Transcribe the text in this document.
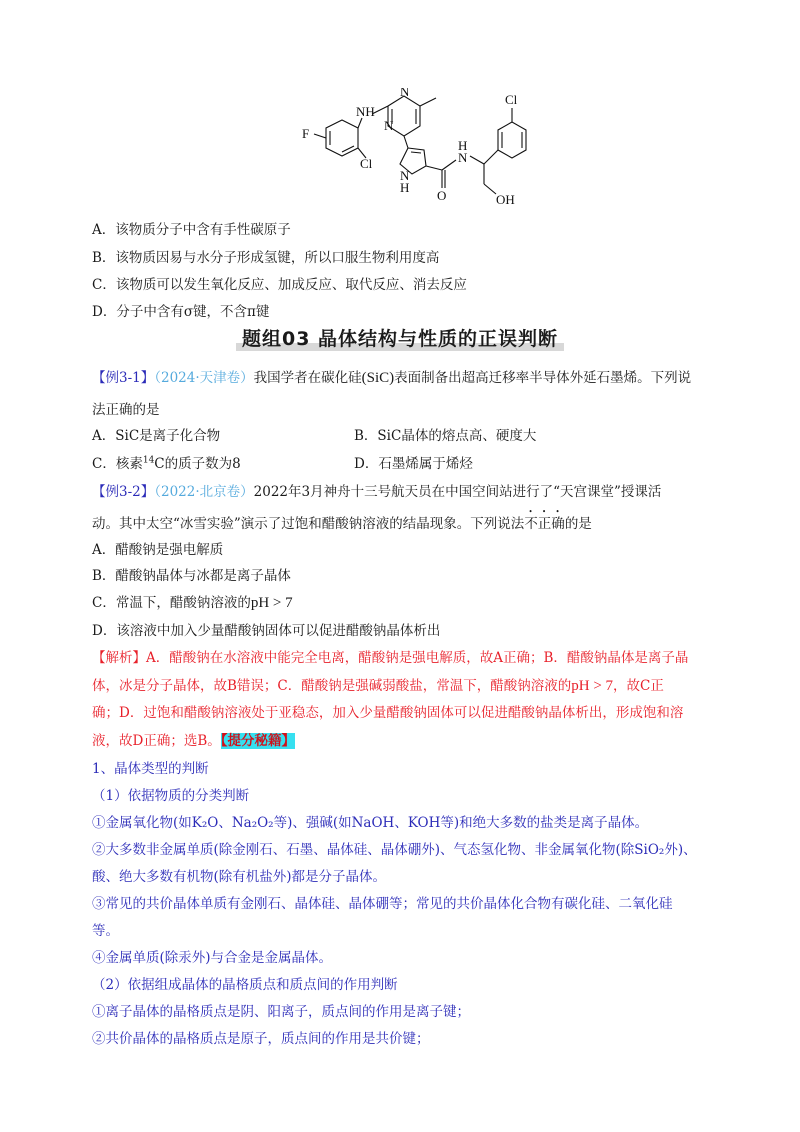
NH
N
N
F
Cl
Cl
H
N
N
H
O	OH
A．该物质分子中含有手性碳原子
B．该物质因易与水分子形成氢键，所以口服生物利用度高
C．该物质可以发生氧化反应、加成反应、取代反应、消去反应
D．分子中含有σ键，不含π键
题组03 晶体结构与性质的正误判断
【例3-1】（2024·天津卷）我国学者在碳化硅(SiC)表面制备出超高迁移率半导体外延石墨烯。下列说
法正确的是
A．SiC是离子化合物	B．SiC晶体的熔点高、硬度大
C．核素$^{14}$C的质子数为8	D．石墨烯属于烯烃
【例3-2】（2022·北京卷）2022年3月神舟十三号航天员在中国空间站进行了“天宫课堂”授课活
动。其中太空“冰雪实验”演示了过饱和醋酸钠溶液的结晶现象。下列说法不正确的是
A．醋酸钠是强电解质
B．醋酸钠晶体与冰都是离子晶体
C．常温下，醋酸钠溶液的pH > 7
D．该溶液中加入少量醋酸钠固体可以促进醋酸钠晶体析出
【解析】A．醋酸钠在水溶液中能完全电离，醋酸钠是强电解质，故A正确；B．醋酸钠晶体是离子晶
体，冰是分子晶体，故B错误；C．醋酸钠是强碱弱酸盐，常温下，醋酸钠溶液的pH > 7，故C正
确；D．过饱和醋酸钠溶液处于亚稳态，加入少量醋酸钠固体可以促进醋酸钠晶体析出，形成饱和溶
液，故D正确；选B。【提分秘籍】
1、晶体类型的判断
（1）依据物质的分类判断
①金属氧化物(如K₂O、Na₂O₂等)、强碱(如NaOH、KOH等)和绝大多数的盐类是离子晶体。
②大多数非金属单质(除金刚石、石墨、晶体硅、晶体硼外)、气态氢化物、非金属氧化物(除SiO₂外)、
酸、绝大多数有机物(除有机盐外)都是分子晶体。
③常见的共价晶体单质有金刚石、晶体硅、晶体硼等；常见的共价晶体化合物有碳化硅、二氧化硅
等。
④金属单质(除汞外)与合金是金属晶体。
（2）依据组成晶体的晶格质点和质点间的作用判断
①离子晶体的晶格质点是阴、阳离子，质点间的作用是离子键；
②共价晶体的晶格质点是原子，质点间的作用是共价键；
